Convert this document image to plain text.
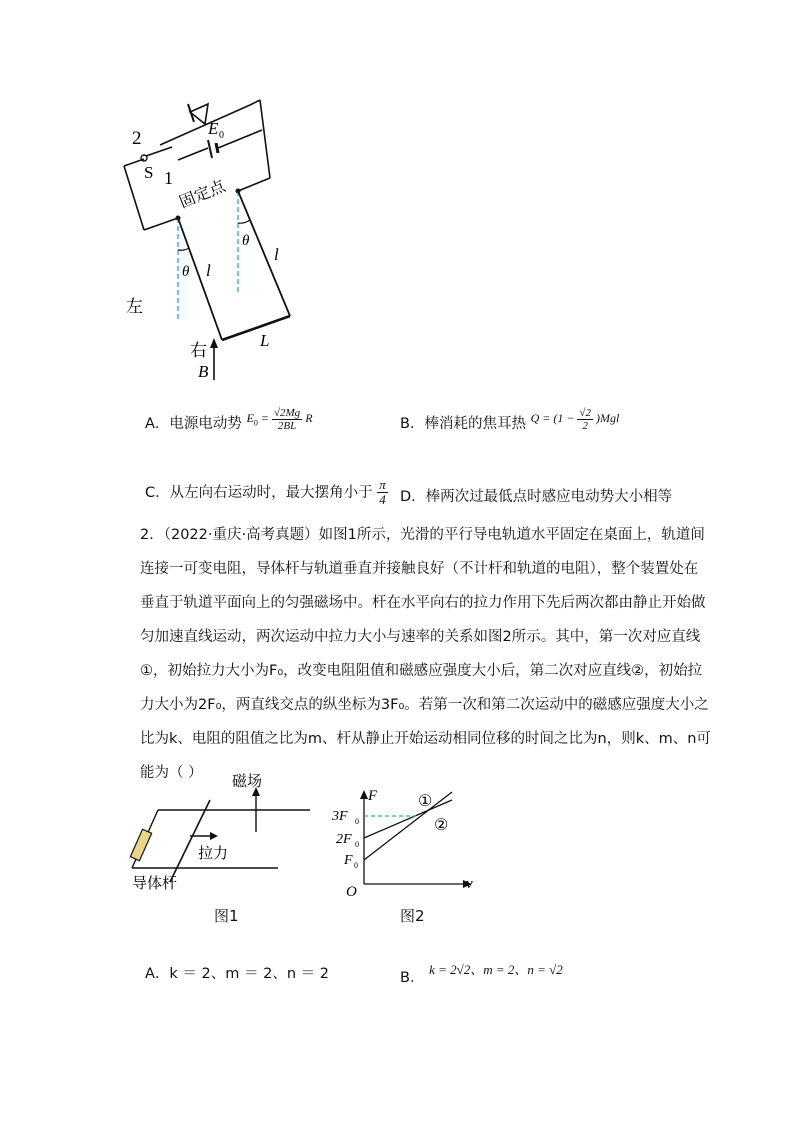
2
S 1
E 0
固定点
θ
l
θ l
左
右
L
B
A．电源电动势 $^{E_0 = \frac{√2Mg}{2BL} R}$	B．棒消耗的焦耳热 $^{Q = (1 - \frac{√2}{2} )Mgl}$
C．从左向右运动时，最大摆角小于 $\frac{\pi}{4}$ D．棒两次过最低点时感应电动势大小相等

2．（2022·重庆·高考真题）如图1所示，光滑的平行导电轨道水平固定在桌面上，轨道间

连接一可变电阻，导体杆与轨道垂直并接触良好（不计杆和轨道的电阻），整个装置处在

垂直于轨道平面向上的匀强磁场中。杆在水平向右的拉力作用下先后两次都由静止开始做

匀加速直线运动，两次运动中拉力大小与速率的关系如图2所示。其中，第一次对应直线

①，初始拉力大小为F₀，改变电阻阻值和磁感应强度大小后，第二次对应直线②，初始拉

力大小为2F₀，两直线交点的纵坐标为3F₀。若第一次和第二次运动中的磁感应强度大小之

比为k、电阻的阻值之比为m、杆从静止开始运动相同位移的时间之比为n，则k、m、n可

能为（ ）

磁场
拉力
导体杆
图1
F
v
O
3F 0
2F 0
F 0
①
②
图2
A．k ＝ 2、m ＝ 2、n ＝ 2	B． k = 2√2、m = 2、n = √2
